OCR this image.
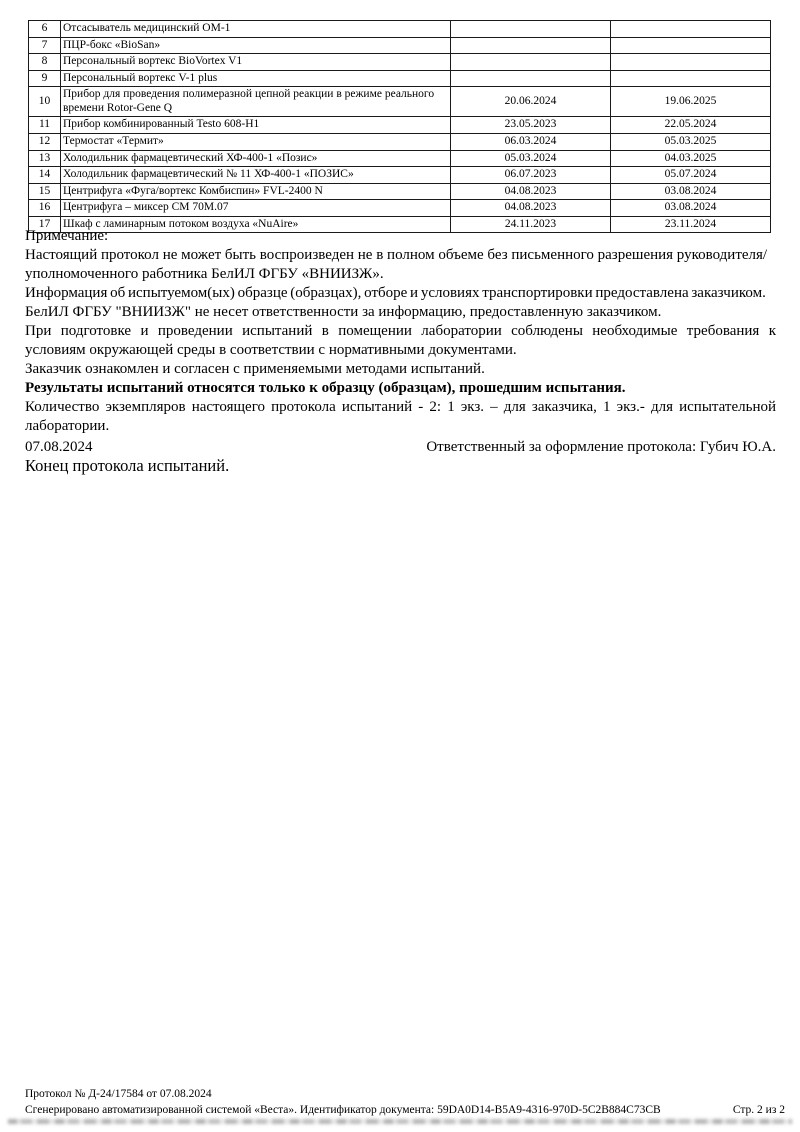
6	Отсасыватель медицинский ОМ-1		
7	ПЦР-бокс «BioSan»		
8	Персональный вортекс BioVortex V1		
9	Персональный вортекс V-1 plus		
10	Прибор для проведения полимеразной цепной реакции в режиме реального времени Rotor-Gene Q	20.06.2024	19.06.2025
11	Прибор комбинированный Testo 608-H1	23.05.2023	22.05.2024
12	Термостат «Термит»	06.03.2024	05.03.2025
13	Холодильник фармацевтический ХФ-400-1 «Позис»	05.03.2024	04.03.2025
14	Холодильник фармацевтический № 11 ХФ-400-1 «ПОЗИС»	06.07.2023	05.07.2024
15	Центрифуга «Фуга/вортекс Комбиспин» FVL-2400 N	04.08.2023	03.08.2024
16	Центрифуга – миксер СМ 70М.07	04.08.2023	03.08.2024
17	Шкаф с ламинарным потоком воздуха «NuAire»	24.11.2023	23.11.2024

Примечание:

Настоящий протокол не может быть воспроизведен не в полном объеме без письменного разрешения руководителя/уполномоченного работника БелИЛ ФГБУ «ВНИИЗЖ».

Информация об испытуемом(ых) образце (образцах), отборе и условиях транспортировки предоставлена заказчиком.

БелИЛ ФГБУ "ВНИИЗЖ" не несет ответственности за информацию, предоставленную заказчиком.

При подготовке и проведении испытаний в помещении лаборатории соблюдены необходимые требования к условиям окружающей среды в соответствии с нормативными документами.

Заказчик ознакомлен и согласен с применяемыми методами испытаний.

Результаты испытаний относятся только к образцу (образцам), прошедшим испытания.

Количество экземпляров настоящего протокола испытаний - 2: 1 экз. – для заказчика, 1 экз.- для испытательной лаборатории.

07.08.2024	Ответственный за оформление протокола: Губич Ю.А.
Конец протокола испытаний.
Протокол № Д-24/17584 от 07.08.2024
Сгенерировано автоматизированной системой «Веста». Идентификатор документа: 59DA0D14-B5A9-4316-970D-5C2B884C73CB	Стр. 2 из 2
